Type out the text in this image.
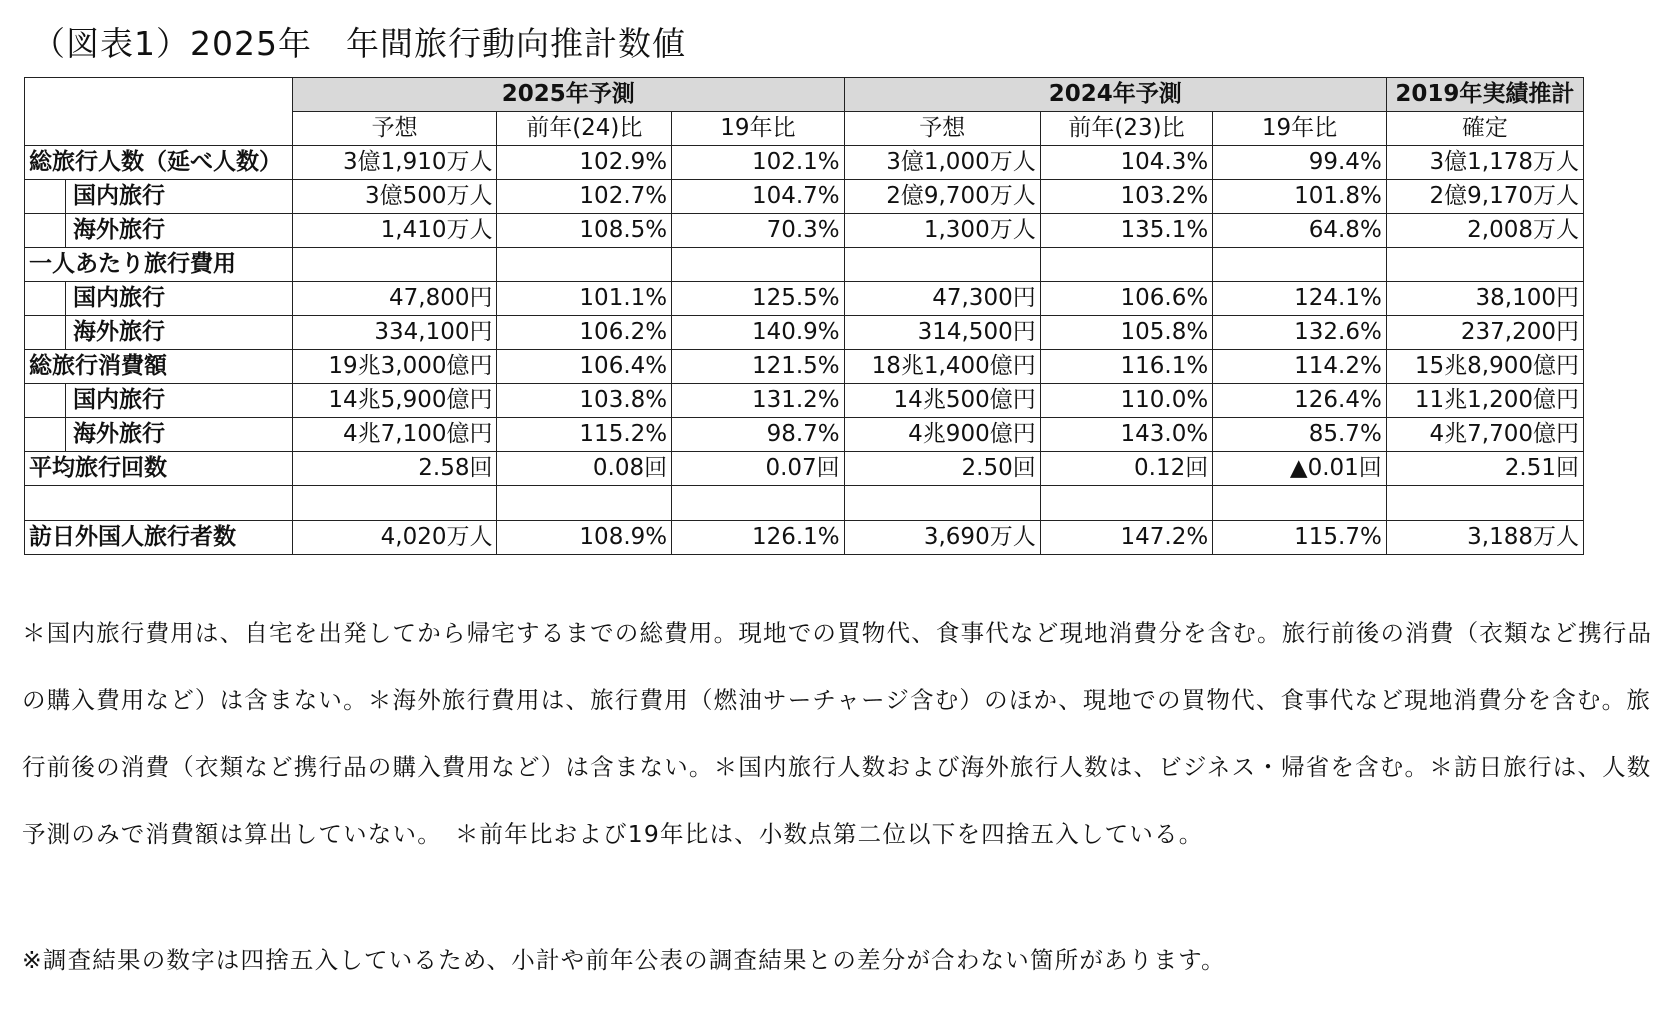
（図表1）2025年　年間旅行動向推計数値
	2025年予測			2024年予測			2019年実績推計
	予想	前年(24)比	19年比	予想	前年(23)比	19年比	確定
総旅行人数（延べ人数）	3億1,910万人	102.9%	102.1%	3億1,000万人	104.3%	99.4%	3億1,178万人
国内旅行	3億500万人	102.7%	104.7%	2億9,700万人	103.2%	101.8%	2億9,170万人
海外旅行	1,410万人	108.5%	70.3%	1,300万人	135.1%	64.8%	2,008万人
一人あたり旅行費用							
国内旅行	47,800円	101.1%	125.5%	47,300円	106.6%	124.1%	38,100円
海外旅行	334,100円	106.2%	140.9%	314,500円	105.8%	132.6%	237,200円
総旅行消費額	19兆3,000億円	106.4%	121.5%	18兆1,400億円	116.1%	114.2%	15兆8,900億円
国内旅行	14兆5,900億円	103.8%	131.2%	14兆500億円	110.0%	126.4%	11兆1,200億円
海外旅行	4兆7,100億円	115.2%	98.7%	4兆900億円	143.0%	85.7%	4兆7,700億円
平均旅行回数	2.58回	0.08回	0.07回	2.50回	0.12回	▲0.01回	2.51回

訪日外国人旅行者数	4,020万人	108.9%	126.1%	3,690万人	147.2%	115.7%	3,188万人

＊国内旅行費用は、自宅を出発してから帰宅するまでの総費用。現地での買物代、食事代など現地消費分を含む。旅行前後の消費（衣類など携行品の購入費用など）は含まない。＊海外旅行費用は、旅行費用（燃油サーチャージ含む）のほか、現地での買物代、食事代など現地消費分を含む。旅行前後の消費（衣類など携行品の購入費用など）は含まない。＊国内旅行人数および海外旅行人数は、ビジネス・帰省を含む。＊訪日旅行は、人数予測のみで消費額は算出していない。　＊前年比および19年比は、小数点第二位以下を四捨五入している。

※調査結果の数字は四捨五入しているため、小計や前年公表の調査結果との差分が合わない箇所があります。
